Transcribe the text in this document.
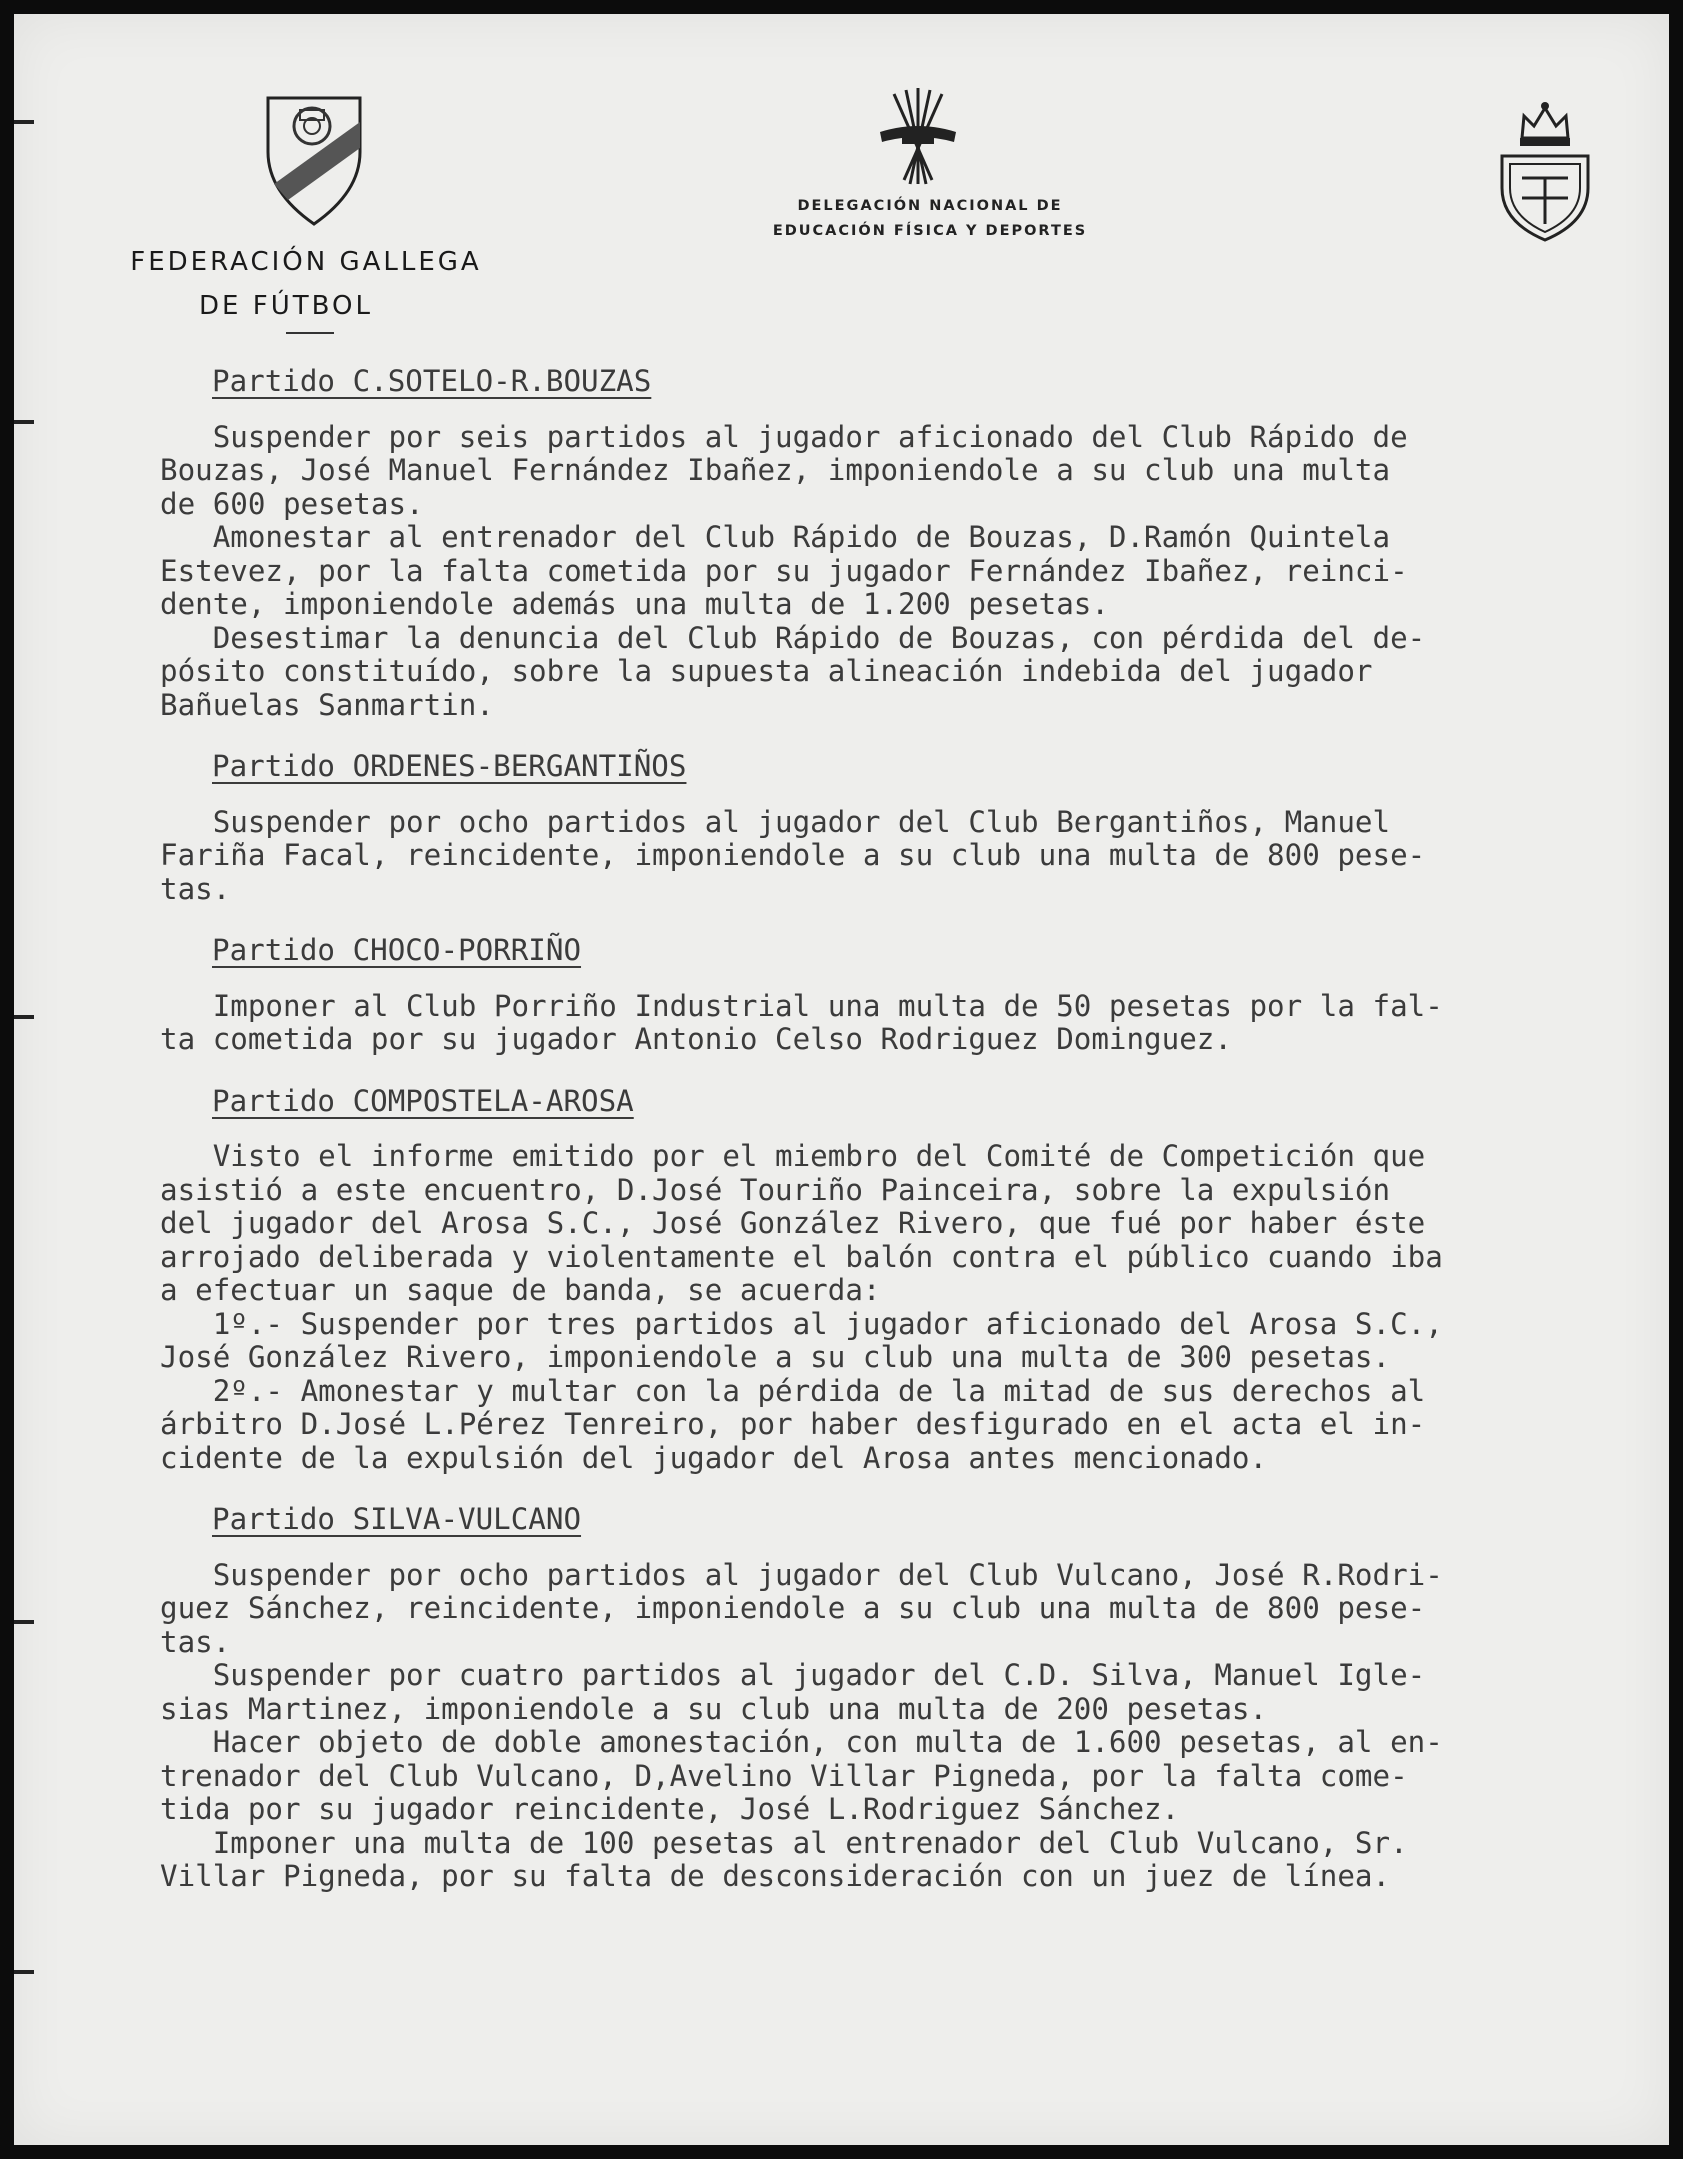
FEDERACIÓN GALLEGA
DE FÚTBOL
DELEGACIÓN NACIONAL DE
EDUCACIÓN FÍSICA Y DEPORTES
Partido C.SOTELO-R.BOUZAS

Suspender por seis partidos al jugador aficionado del Club Rápido de
Bouzas, José Manuel Fernández Ibañez, imponiendole a su club una multa
de 600 pesetas.

Amonestar al entrenador del Club Rápido de Bouzas, D.Ramón Quintela
Estevez, por la falta cometida por su jugador Fernández Ibañez, reinci-
dente, imponiendole además una multa de 1.200 pesetas.

Desestimar la denuncia del Club Rápido de Bouzas, con pérdida del de-
pósito constituído, sobre la supuesta alineación indebida del jugador
Bañuelas Sanmartin.

Partido ORDENES-BERGANTIÑOS

Suspender por ocho partidos al jugador del Club Bergantiños, Manuel
Fariña Facal, reincidente, imponiendole a su club una multa de 800 pese-
tas.

Partido CHOCO-PORRIÑO

Imponer al Club Porriño Industrial una multa de 50 pesetas por la fal-
ta cometida por su jugador Antonio Celso Rodriguez Dominguez.

Partido COMPOSTELA-AROSA

Visto el informe emitido por el miembro del Comité de Competición que
asistió a este encuentro, D.José Touriño Painceira, sobre la expulsión
del jugador del Arosa S.C., José González Rivero, que fué por haber éste
arrojado deliberada y violentamente el balón contra el público cuando iba
a efectuar un saque de banda, se acuerda:

1º.- Suspender por tres partidos al jugador aficionado del Arosa S.C.,
José González Rivero, imponiendole a su club una multa de 300 pesetas.

2º.- Amonestar y multar con la pérdida de la mitad de sus derechos al
árbitro D.José L.Pérez Tenreiro, por haber desfigurado en el acta el in-
cidente de la expulsión del jugador del Arosa antes mencionado.

Partido SILVA-VULCANO

Suspender por ocho partidos al jugador del Club Vulcano, José R.Rodri-
guez Sánchez, reincidente, imponiendole a su club una multa de 800 pese-
tas.

Suspender por cuatro partidos al jugador del C.D. Silva, Manuel Igle-
sias Martinez, imponiendole a su club una multa de 200 pesetas.

Hacer objeto de doble amonestación, con multa de 1.600 pesetas, al en-
trenador del Club Vulcano, D,Avelino Villar Pigneda, por la falta come-
tida por su jugador reincidente, José L.Rodriguez Sánchez.

Imponer una multa de 100 pesetas al entrenador del Club Vulcano, Sr.
Villar Pigneda, por su falta de desconsideración con un juez de línea.
